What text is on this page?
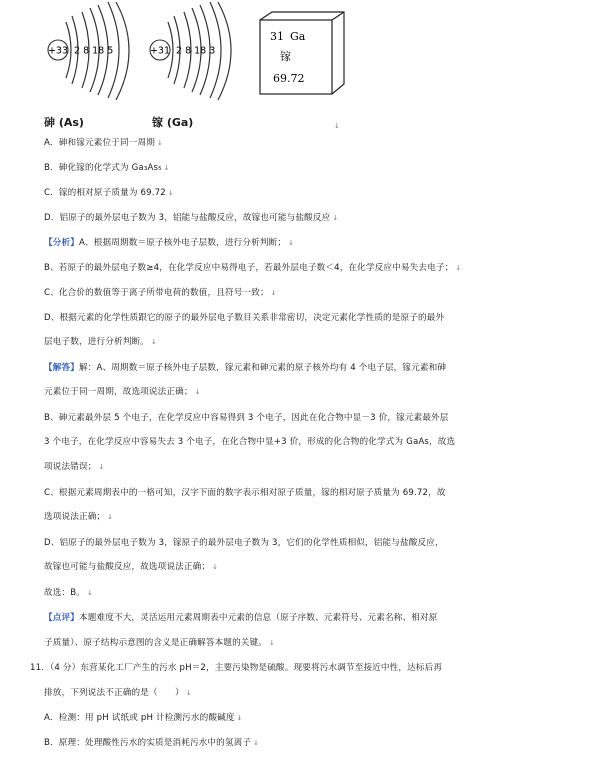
+33 2 8 18 5
砷 (As)
+31 2 8 18 3
镓 (Ga)
31 Ga
镓
69.72
↓
A．砷和镓元素位于同一周期 ↓
B．砷化镓的化学式为 Ga₃As₅ ↓
C．镓的相对原子质量为 69.72 ↓
D．铝原子的最外层电子数为 3，铝能与盐酸反应，故镓也可能与盐酸反应 ↓
【分析】A、根据周期数＝原子核外电子层数，进行分析判断； ↓
B、若原子的最外层电子数≥4，在化学反应中易得电子，若最外层电子数＜4，在化学反应中易失去电子； ↓
C、化合价的数值等于离子所带电荷的数值，且符号一致； ↓
D、根据元素的化学性质跟它的原子的最外层电子数目关系非常密切，决定元素化学性质的是原子的最外
层电子数，进行分析判断。 ↓
【解答】解：A、周期数＝原子核外电子层数，镓元素和砷元素的原子核外均有 4 个电子层，镓元素和砷
元素位于同一周期，故选项说法正确； ↓
B、砷元素最外层 5 个电子，在化学反应中容易得到 3 个电子，因此在化合物中显－3 价，镓元素最外层
3 个电子，在化学反应中容易失去 3 个电子，在化合物中显+3 价，形成的化合物的化学式为 GaAs，故选
项说法错误； ↓
C、根据元素周期表中的一格可知，汉字下面的数字表示相对原子质量，镓的相对原子质量为 69.72，故
选项说法正确； ↓
D、铝原子的最外层电子数为 3，镓原子的最外层电子数为 3，它们的化学性质相似，铝能与盐酸反应，
故镓也可能与盐酸反应，故选项说法正确； ↓
故选：B。 ↓
【点评】本题难度不大，灵活运用元素周期表中元素的信息（原子序数、元素符号、元素名称、相对原
子质量）、原子结构示意图的含义是正确解答本题的关键。 ↓
11．（4 分）东营某化工厂产生的污水 pH＝2，主要污染物是硫酸。现要将污水调节至接近中性，达标后再
排放，下列说法不正确的是（　　） ↓
A．检测：用 pH 试纸或 pH 计检测污水的酸碱度 ↓
B．原理：处理酸性污水的实质是消耗污水中的氢离子 ↓
